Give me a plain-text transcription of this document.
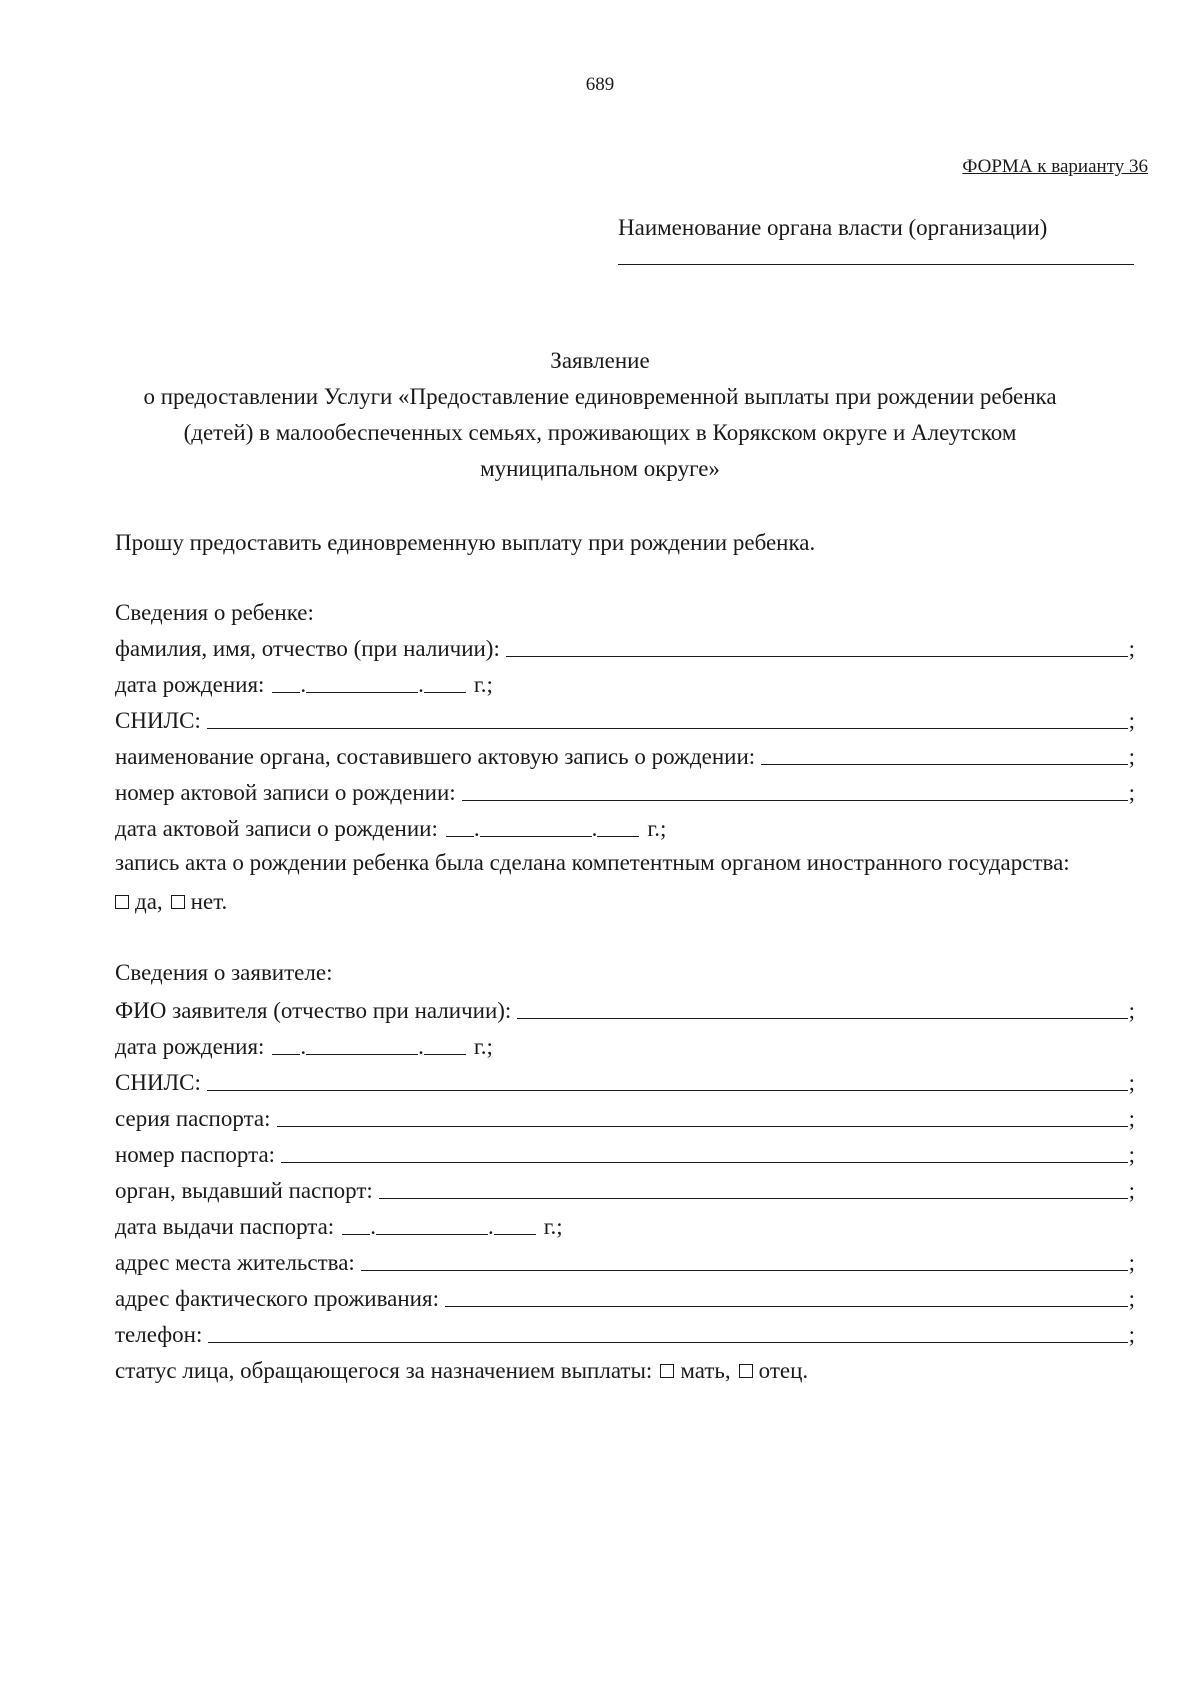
689
ФОРМА к варианту 36
Наименование органа власти (организации)
Заявление
о предоставлении Услуги «Предоставление единовременной выплаты при рождении ребенка
(детей) в малообеспеченных семьях, проживающих в Корякском округе и Алеутском
муниципальном округе»
Прошу предоставить единовременную выплату при рождении ребенка.
Сведения о ребенке:
фамилия, имя, отчество (при наличии):	;
дата рождения: .	. г.;
СНИЛС:	;
наименование органа, составившего актовую запись о рождении:	;
номер актовой записи о рождении:	;
дата актовой записи о рождении: .	. г.;
запись акта о рождении ребенка была сделана компетентным органом иностранного государства:
да, нет.
Сведения о заявителе:
ФИО заявителя (отчество при наличии):	;
дата рождения: .	. г.;
СНИЛС:	;
серия паспорта:	;
номер паспорта:	;
орган, выдавший паспорт:	;
дата выдачи паспорта: .	. г.;
адрес места жительства:	;
адрес фактического проживания:	;
телефон:	;
статус лица, обращающегося за назначением выплаты: мать, отец.
